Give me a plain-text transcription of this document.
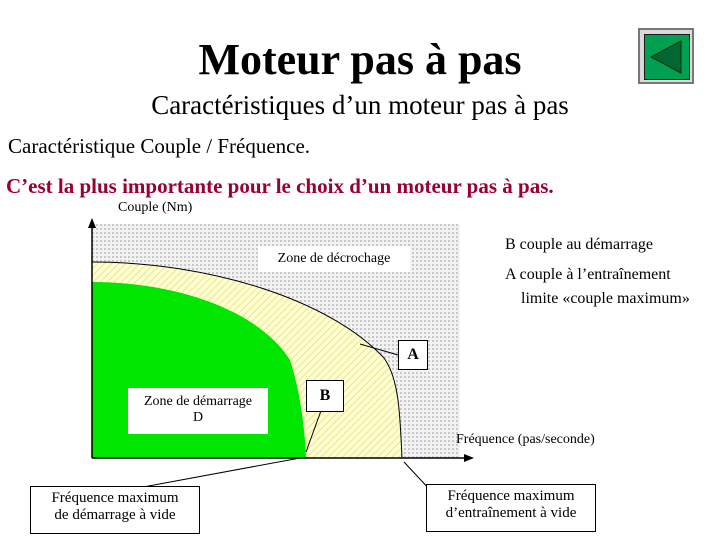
Moteur pas à pas
Caractéristiques d’un moteur pas à pas
Caractéristique Couple / Fréquence.
C’est la plus importante pour le choix d’un moteur pas à pas.
Couple (Nm)
Fréquence (pas/seconde)
Zone de décrochage
Zone de démarrage
D
A
B
B couple au démarrage
A couple à l’entraînement
limite «couple maximum»
Fréquence maximum
de démarrage à vide
Fréquence maximum
d’entraînement à vide
